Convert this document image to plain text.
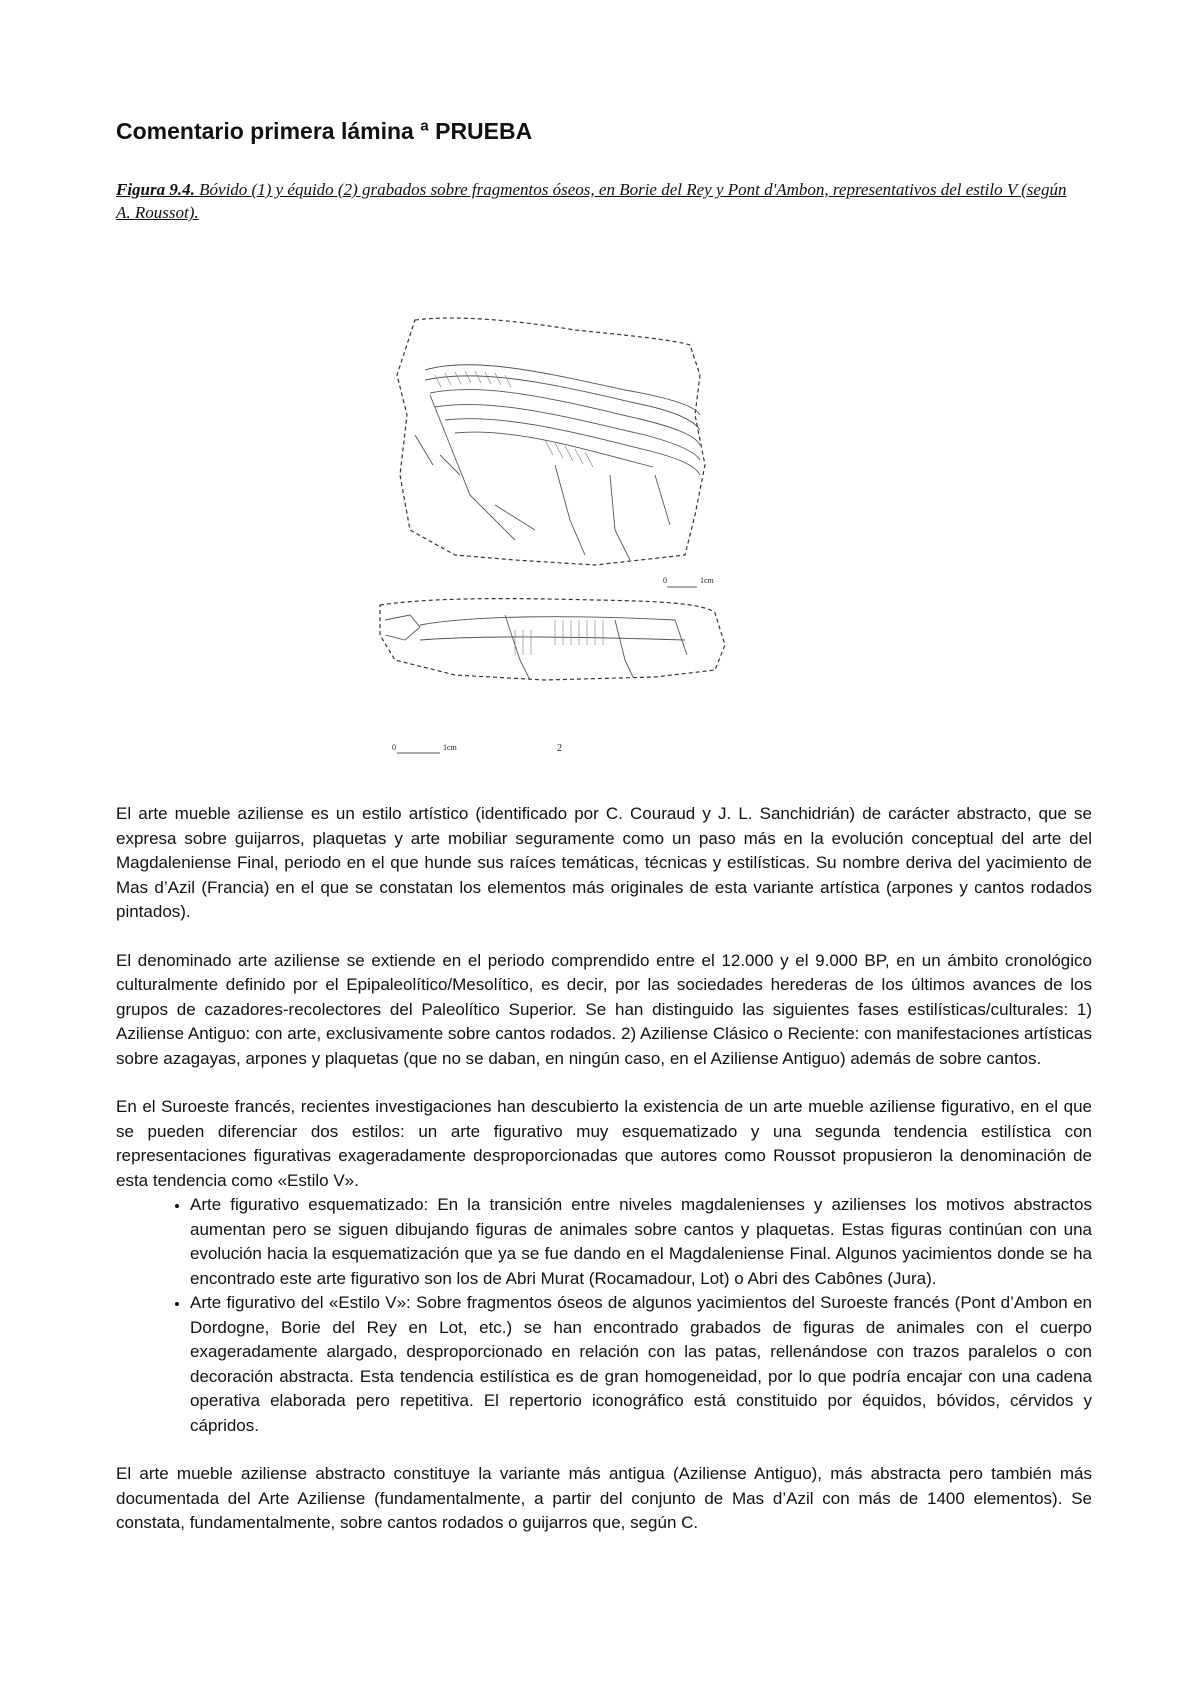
Comentario primera lámina ª PRUEBA

Figura 9.4. Bóvido (1) y équido (2) grabados sobre fragmentos óseos, en Borie del Rey y Pont d'Ambon, representativos del estilo V (según A. Roussot).

0	1cm
0	1cm	2

El arte mueble aziliense es un estilo artístico (identificado por C. Couraud y J. L. Sanchidrián) de carácter abstracto, que se expresa sobre guijarros, plaquetas y arte mobiliar seguramente como un paso más en la evolución conceptual del arte del Magdaleniense Final, periodo en el que hunde sus raíces temáticas, técnicas y estilísticas. Su nombre deriva del yacimiento de Mas d’Azil (Francia) en el que se constatan los elementos más originales de esta variante artística (arpones y cantos rodados pintados).

El denominado arte aziliense se extiende en el periodo comprendido entre el 12.000 y el 9.000 BP, en un ámbito cronológico culturalmente definido por el Epipaleolítico/Mesolítico, es decir, por las sociedades herederas de los últimos avances de los grupos de cazadores-recolectores del Paleolítico Superior. Se han distinguido las siguientes fases estilísticas/culturales: 1) Aziliense Antiguo: con arte, exclusivamente sobre cantos rodados. 2) Aziliense Clásico o Reciente: con manifestaciones artísticas sobre azagayas, arpones y plaquetas (que no se daban, en ningún caso, en el Aziliense Antiguo) además de sobre cantos.

En el Suroeste francés, recientes investigaciones han descubierto la existencia de un arte mueble aziliense figurativo, en el que se pueden diferenciar dos estilos: un arte figurativo muy esquematizado y una segunda tendencia estilística con representaciones figurativas exageradamente desproporcionadas que autores como Roussot propusieron la denominación de esta tendencia como «Estilo V».

• Arte figurativo esquematizado: En la transición entre niveles magdalenienses y azilienses los motivos abstractos aumentan pero se siguen dibujando figuras de animales sobre cantos y plaquetas. Estas figuras continúan con una evolución hacia la esquematización que ya se fue dando en el Magdaleniense Final. Algunos yacimientos donde se ha encontrado este arte figurativo son los de Abri Murat (Rocamadour, Lot) o Abri des Cabônes (Jura).
• Arte figurativo del «Estilo V»: Sobre fragmentos óseos de algunos yacimientos del Suroeste francés (Pont d’Ambon en Dordogne, Borie del Rey en Lot, etc.) se han encontrado grabados de figuras de animales con el cuerpo exageradamente alargado, desproporcionado en relación con las patas, rellenándose con trazos paralelos o con decoración abstracta. Esta tendencia estilística es de gran homogeneidad, por lo que podría encajar con una cadena operativa elaborada pero repetitiva. El repertorio iconográfico está constituido por équidos, bóvidos, cérvidos y cápridos.

El arte mueble aziliense abstracto constituye la variante más antigua (Aziliense Antiguo), más abstracta pero también más documentada del Arte Aziliense (fundamentalmente, a partir del conjunto de Mas d’Azil con más de 1400 elementos). Se constata, fundamentalmente, sobre cantos rodados o guijarros que, según C.
